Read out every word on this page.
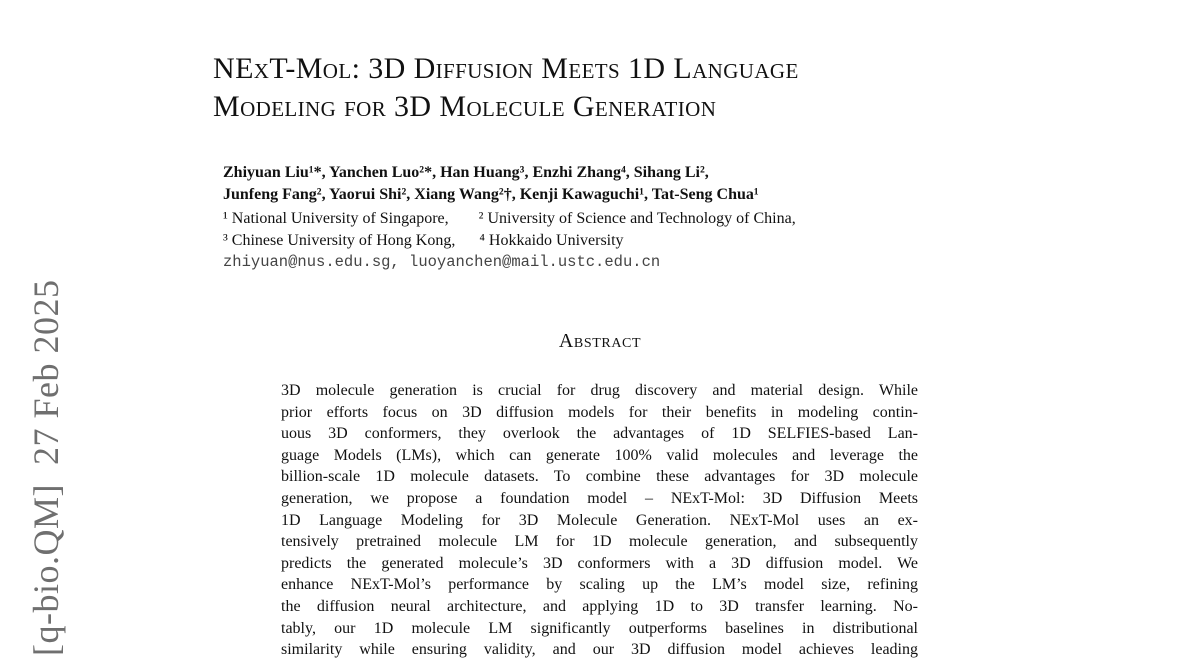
[q-bio.QM]  27 Feb 2025
NExT-Mol: 3D Diffusion Meets 1D Language
Modeling for 3D Molecule Generation
Zhiyuan Liu¹*, Yanchen Luo²*, Han Huang³, Enzhi Zhang⁴, Sihang Li²,
Junfeng Fang², Yaorui Shi², Xiang Wang²†, Kenji Kawaguchi¹, Tat-Seng Chua¹
¹ National University of Singapore, ² University of Science and Technology of China,
³ Chinese University of Hong Kong, ⁴ Hokkaido University
zhiyuan@nus.edu.sg, luoyanchen@mail.ustc.edu.cn
Abstract
3D molecule generation is crucial for drug discovery and material design. While
prior efforts focus on 3D diffusion models for their benefits in modeling contin-
uous 3D conformers, they overlook the advantages of 1D SELFIES-based Lan-
guage Models (LMs), which can generate 100% valid molecules and leverage the
billion-scale 1D molecule datasets. To combine these advantages for 3D molecule
generation, we propose a foundation model – NExT-Mol: 3D Diffusion Meets
1D Language Modeling for 3D Molecule Generation. NExT-Mol uses an ex-
tensively pretrained molecule LM for 1D molecule generation, and subsequently
predicts the generated molecule’s 3D conformers with a 3D diffusion model. We
enhance NExT-Mol’s performance by scaling up the LM’s model size, refining
the diffusion neural architecture, and applying 1D to 3D transfer learning. No-
tably, our 1D molecule LM significantly outperforms baselines in distributional
similarity while ensuring validity, and our 3D diffusion model achieves leading
